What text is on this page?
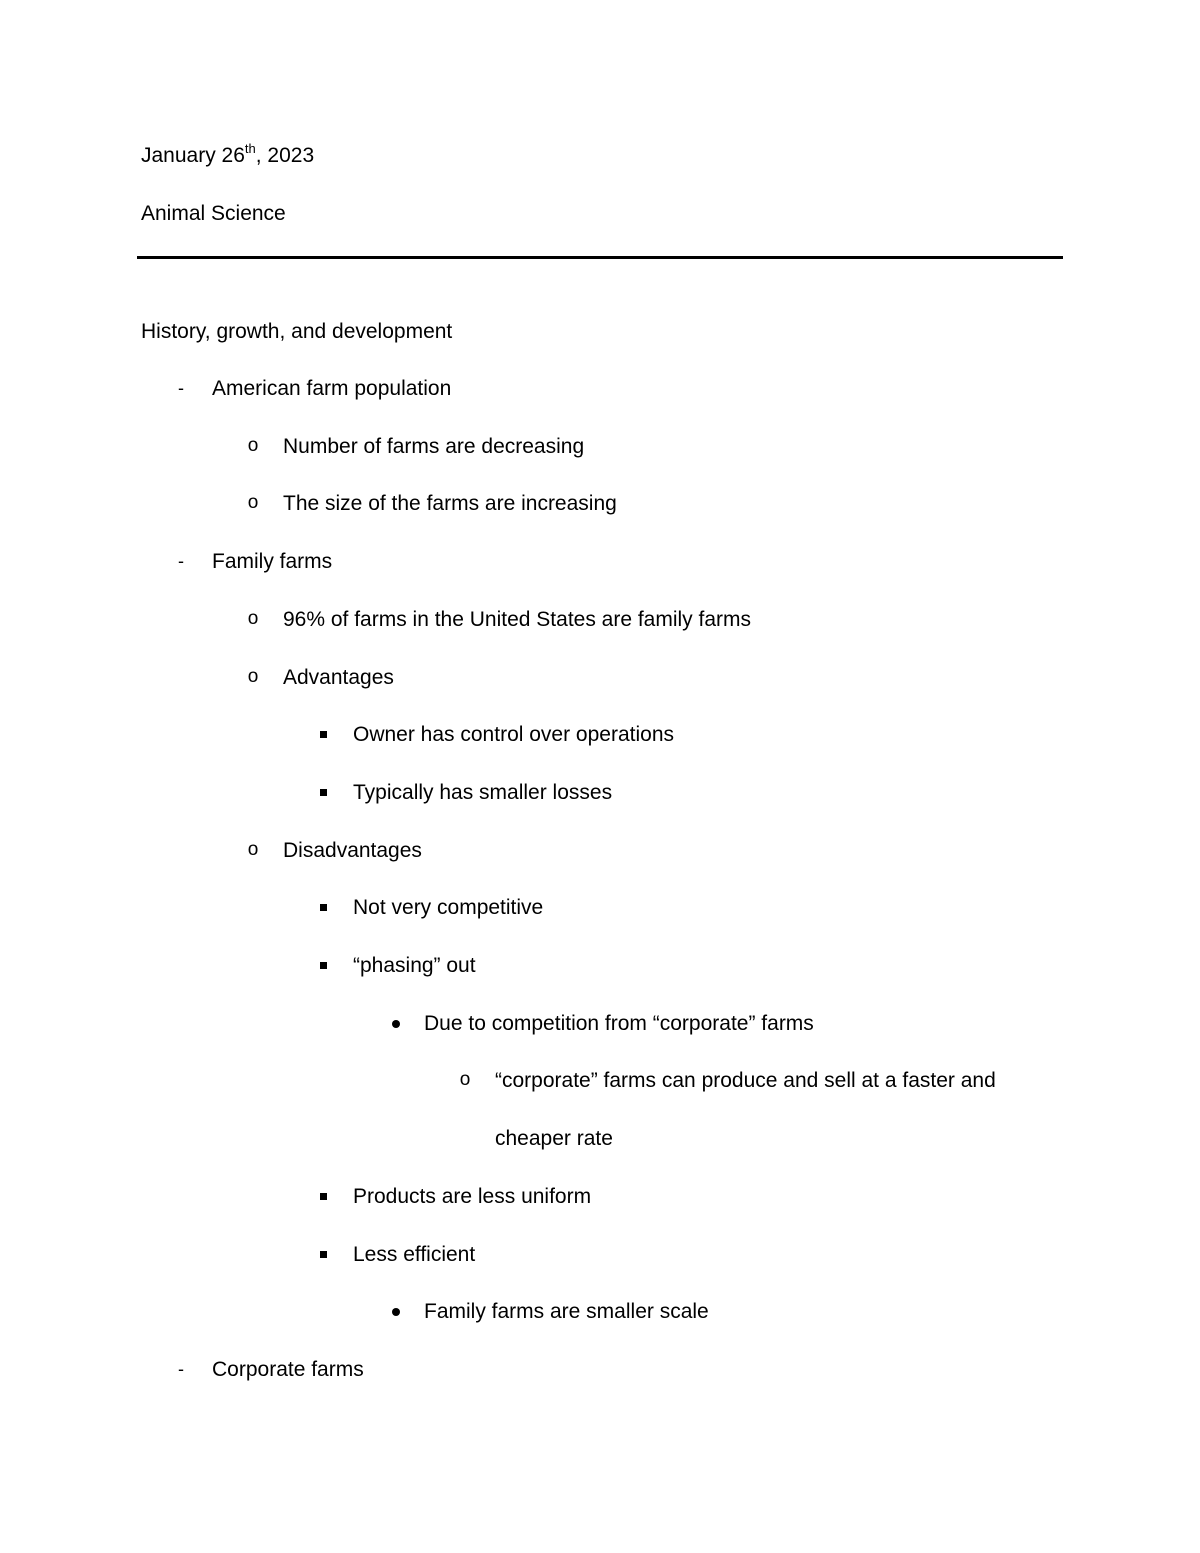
January 26th, 2023
Animal Science
History, growth, and development
-	American farm population
o Number of farms are decreasing
o The size of the farms are increasing
-	Family farms
o 96% of farms in the United States are family farms
o Advantages
Owner has control over operations
Typically has smaller losses
o Disadvantages
Not very competitive
“phasing” out
Due to competition from “corporate” farms
o “corporate” farms can produce and sell at a faster and
cheaper rate
Products are less uniform
Less efficient
Family farms are smaller scale
-	Corporate farms
